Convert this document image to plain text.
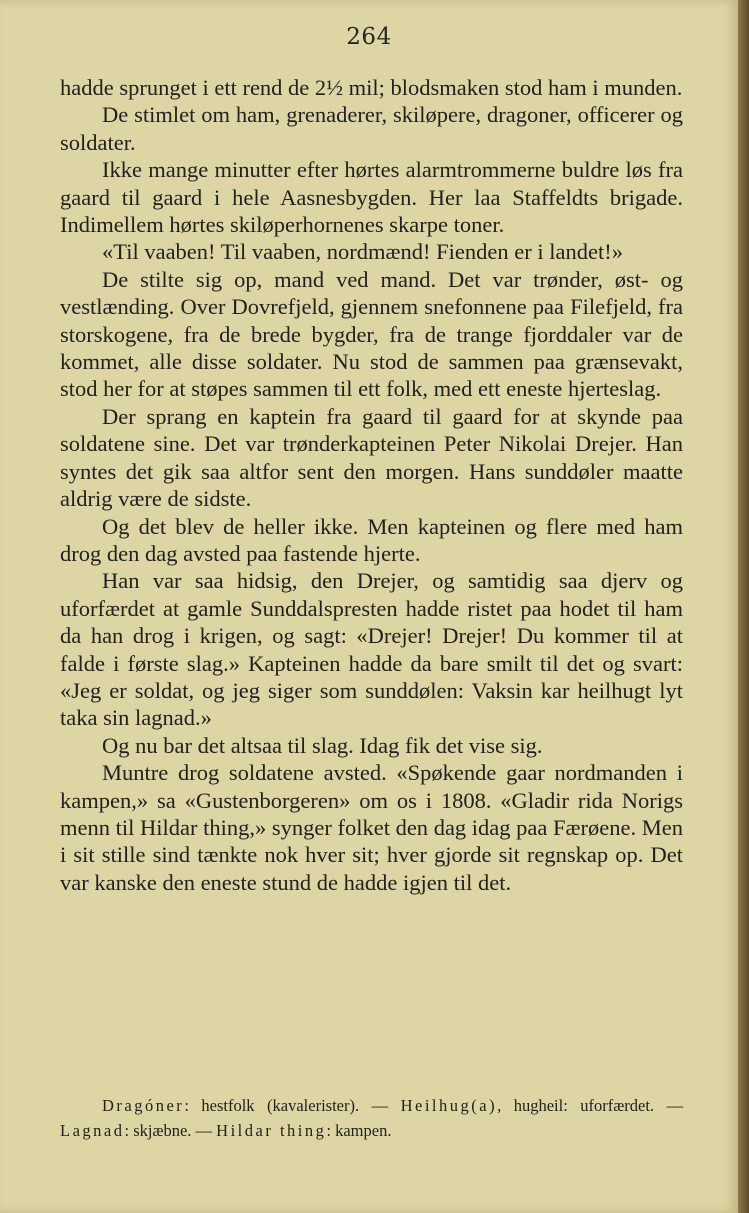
264

hadde sprunget i ett rend de 2½ mil; blodsmaken stod ham i munden.

De stimlet om ham, grenaderer, skiløpere, dragoner, officerer og soldater.

Ikke mange minutter efter hørtes alarmtrommerne buldre løs fra gaard til gaard i hele Aasnesbygden. Her laa Staffeldts brigade. Indimellem hørtes skiløperhornenes skarpe toner.

«Til vaaben! Til vaaben, nordmænd! Fienden er i landet!»

De stilte sig op, mand ved mand. Det var trønder, øst- og vestlænding. Over Dovrefjeld, gjennem snefonnene paa Filefjeld, fra storskogene, fra de brede bygder, fra de trange fjorddaler var de kommet, alle disse soldater. Nu stod de sammen paa grænsevakt, stod her for at støpes sammen til ett folk, med ett eneste hjerteslag.

Der sprang en kaptein fra gaard til gaard for at skynde paa soldatene sine. Det var trønderkapteinen Peter Nikolai Drejer. Han syntes det gik saa altfor sent den morgen. Hans sunddøler maatte aldrig være de sidste.

Og det blev de heller ikke. Men kapteinen og flere med ham drog den dag avsted paa fastende hjerte.

Han var saa hidsig, den Drejer, og samtidig saa djerv og uforfærdet at gamle Sunddalspresten hadde ristet paa hodet til ham da han drog i krigen, og sagt: «Drejer! Drejer! Du kommer til at falde i første slag.» Kapteinen hadde da bare smilt til det og svart: «Jeg er soldat, og jeg siger som sunddølen: Vaksin kar heilhugt lyt taka sin lagnad.»

Og nu bar det altsaa til slag. Idag fik det vise sig.

Muntre drog soldatene avsted. «Spøkende gaar nordmanden i kampen,» sa «Gustenborgeren» om os i 1808. «Gladir rida Norigs menn til Hildar thing,» synger folket den dag idag paa Færøene. Men i sit stille sind tænkte nok hver sit; hver gjorde sit regnskap op. Det var kanske den eneste stund de hadde igjen til det.

Dragóner: hestfolk (kavalerister). — Heilhug(a), hugheil: uforfærdet. — Lagnad: skjæbne. — Hildar thing: kampen.
